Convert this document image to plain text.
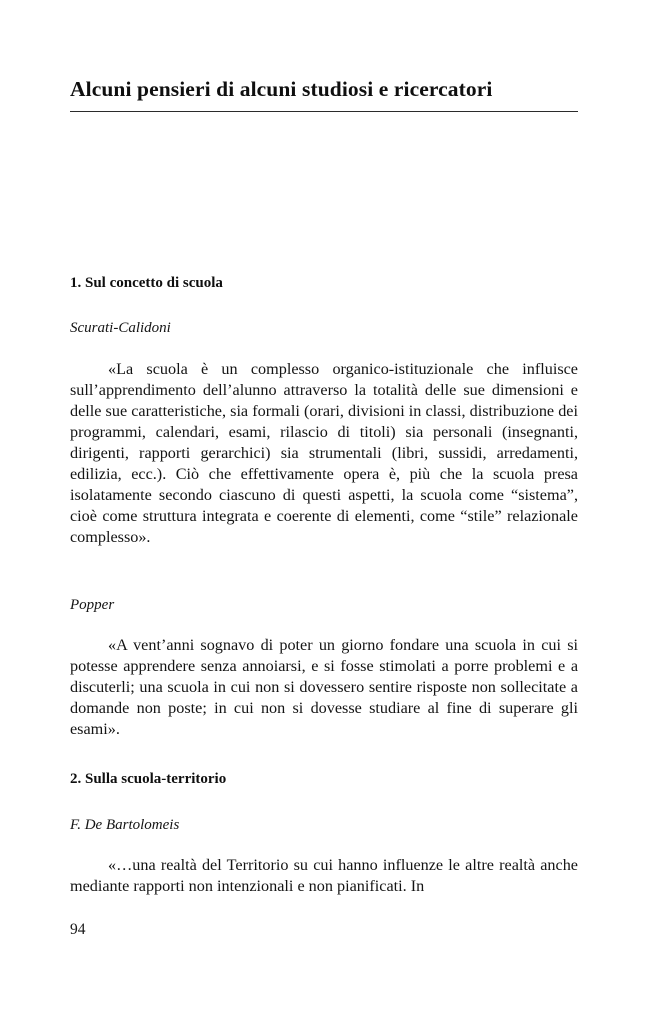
Alcuni pensieri di alcuni studiosi e ricercatori
1. Sul concetto di scuola

Scurati-Calidoni

«La scuola è un complesso organico-istituzionale che influisce sull’apprendimento dell’alunno attraverso la totalità delle sue dimensioni e delle sue caratteristiche, sia formali (orari, divisioni in classi, distribuzione dei programmi, calendari, esami, rilascio di titoli) sia personali (insegnanti, dirigenti, rapporti gerarchici) sia strumentali (libri, sussidi, arredamenti, edilizia, ecc.). Ciò che effettivamente opera è, più che la scuola presa isolatamente secondo ciascuno di questi aspetti, la scuola come “sistema”, cioè come struttura integrata e coerente di elementi, come “stile” relazionale complesso».

Popper

«A vent’anni sognavo di poter un giorno fondare una scuola in cui si potesse apprendere senza annoiarsi, e si fosse stimolati a porre problemi e a discuterli; una scuola in cui non si dovessero sentire risposte non sollecitate a domande non poste; in cui non si dovesse studiare al fine di superare gli esami».

2. Sulla scuola-territorio

F. De Bartolomeis

«…una realtà del Territorio su cui hanno influenze le altre realtà anche mediante rapporti non intenzionali e non pianificati. In

94
